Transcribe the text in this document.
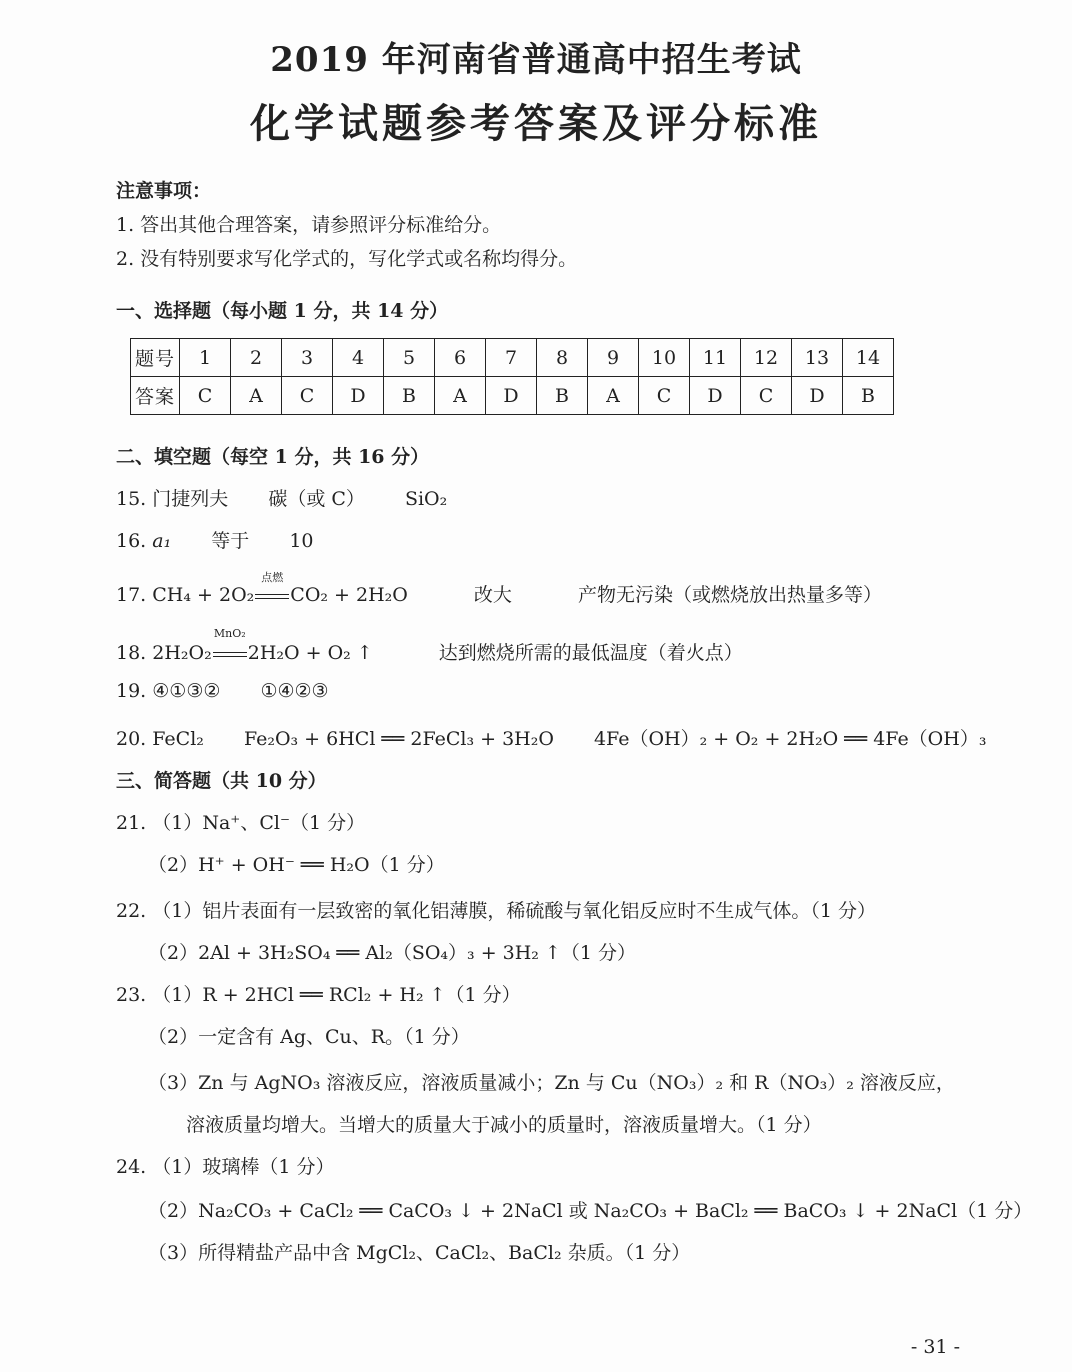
2019 年河南省普通高中招生考试
化学试题参考答案及评分标准
注意事项：
1. 答出其他合理答案，请参照评分标准给分。
2. 没有特别要求写化学式的，写化学式或名称均得分。
一、选择题（每小题 1 分，共 14 分）
题号	1	2	3	4	5	6	7	8	9	10	11	12	13	14
答案	C	A	C	D	B	A	D	B	A	C	D	C	D	B
二、填空题（每空 1 分，共 16 分）
15. 门捷列夫 碳（或 C） SiO₂
16. a₁ 等于 10
17. CH₄ + 2O₂
点燃
CO₂ + 2H₂O	改大	产物无污染（或燃烧放出热量多等）
18. 2H₂O₂
MnO₂
2H₂O + O₂ ↑	达到燃烧所需的最低温度（着火点）
19. ④①③② ①④②③
20. FeCl₂ Fe₂O₃ + 6HCl ══ 2FeCl₃ + 3H₂O 4Fe（OH）₂ + O₂ + 2H₂O ══ 4Fe（OH）₃
三、简答题（共 10 分）
21. （1）Na⁺、Cl⁻（1 分）
（2）H⁺ + OH⁻ ══ H₂O（1 分）
22. （1）铝片表面有一层致密的氧化铝薄膜，稀硫酸与氧化铝反应时不生成气体。（1 分）
（2）2Al + 3H₂SO₄ ══ Al₂（SO₄）₃ + 3H₂ ↑（1 分）
23. （1）R + 2HCl ══ RCl₂ + H₂ ↑（1 分）
（2）一定含有 Ag、Cu、R。（1 分）
（3）Zn 与 AgNO₃ 溶液反应，溶液质量减小；Zn 与 Cu（NO₃）₂ 和 R（NO₃）₂ 溶液反应，
溶液质量均增大。当增大的质量大于减小的质量时，溶液质量增大。（1 分）
24. （1）玻璃棒（1 分）
（2）Na₂CO₃ + CaCl₂ ══ CaCO₃ ↓ + 2NaCl 或 Na₂CO₃ + BaCl₂ ══ BaCO₃ ↓ + 2NaCl（1 分）
（3）所得精盐产品中含 MgCl₂、CaCl₂、BaCl₂ 杂质。（1 分）
- 31 -
